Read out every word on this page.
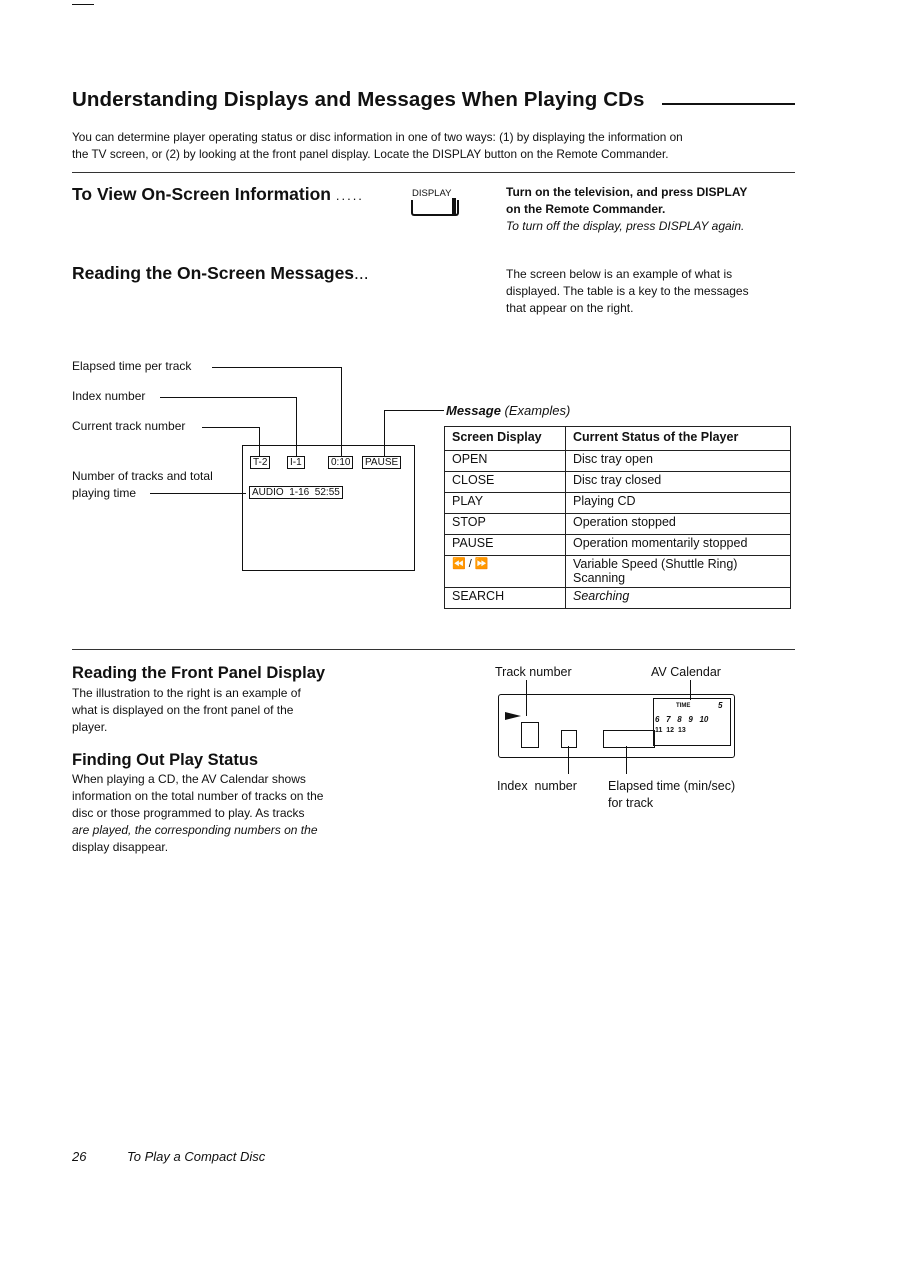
Understanding Displays and Messages When Playing CDs
You can determine player operating status or disc information in one of two ways: (1) by displaying the information on
the TV screen, or (2) by looking at the front panel display. Locate the DISPLAY button on the Remote Commander.
To View On-Screen Information .....	DISPLAY	Turn on the television, and press DISPLAY
on the Remote Commander.
To turn off the display, press DISPLAY again.
Reading the On-Screen Messages...	The screen below is an example of what is
displayed. The table is a key to the messages
that appear on the right.
Elapsed time per track
Index number
Current track number
Number of tracks and total
playing time
T-2	I-1	0:10	PAUSE
AUDIO  1-16  52:55
Message (Examples)
Screen Display	Current Status of the Player
OPEN	Disc tray open
CLOSE	Disc tray closed
PLAY	Playing CD
STOP	Operation stopped
PAUSE	Operation momentarily stopped
⏪ / ⏩	Variable Speed (Shuttle Ring)
Scanning

SEARCH	Searching
Reading the Front Panel Display
The illustration to the right is an example of
what is displayed on the front panel of the
player.
Finding Out Play Status
When playing a CD, the AV Calendar shows
information on the total number of tracks on the
disc or those programmed to play. As tracks
are played, the corresponding numbers on the
display disappear.
Track number	AV Calendar
TIME	5
6   7   8   9   10
11  12  13
Index  number Elapsed time (min/sec)
for track
26	To Play a Compact Disc
